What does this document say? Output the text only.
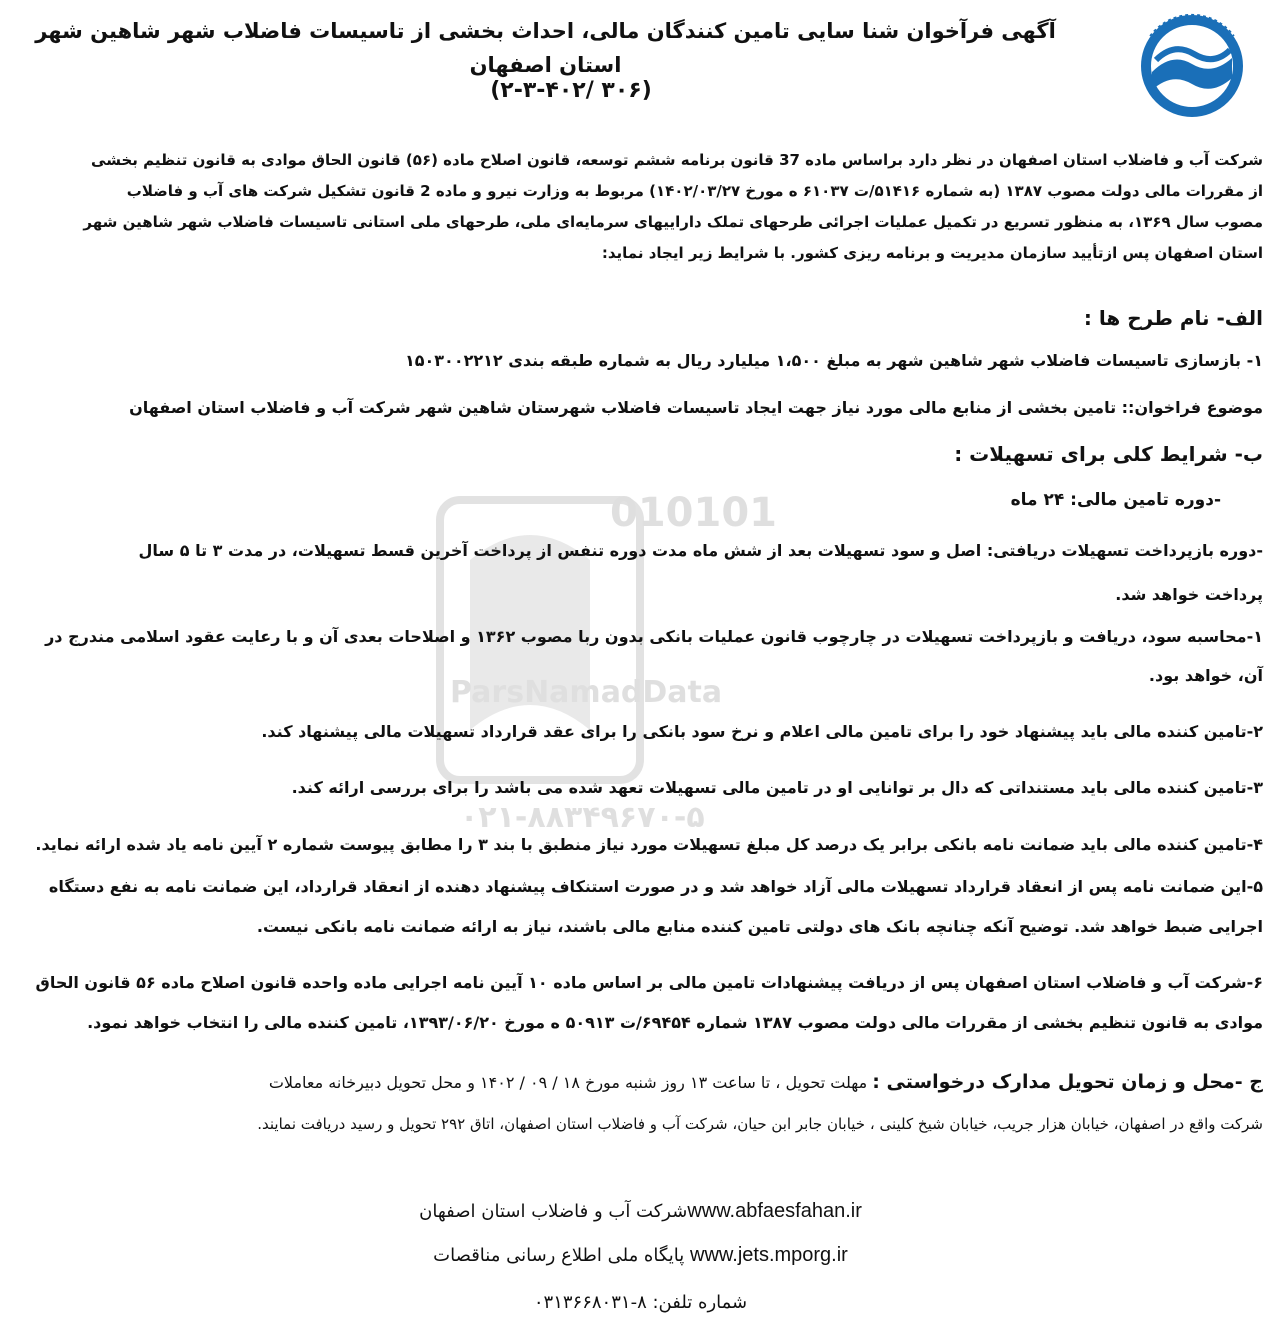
آگهی فرآخوان شنا سایی تامین کنندگان مالی، احداث بخشی از تاسیسات فاضلاب شهر شاهین شهر استان اصفهان
(۳۰۶ /۲-۳-۴۰۲)
010101
ParsNamadData
۰۲۱-۸۸۳۴۹۶۷۰-۵
شرکت آب و فاضلاب استان اصفهان در نظر دارد براساس ماده 37 قانون برنامه ششم توسعه، قانون اصلاح ماده (۵۶) قانون الحاق موادی به قانون تنظیم بخشی
از مقررات مالی دولت مصوب ۱۳۸۷ (به شماره ۵۱۴۱۶/ت ۶۱۰۳۷ ه مورخ ۱۴۰۲/۰۳/۲۷) مربوط به وزارت نیرو و ماده 2 قانون تشکیل شرکت های آب و فاضلاب
مصوب سال ۱۳۶۹، به منظور تسریع در تکمیل عملیات اجرائی طرحهای تملک داراییهای سرمایه‌ای ملی، طرحهای ملی استانی تاسیسات فاضلاب شهر شاهین شهر
استان اصفهان پس ازتأیید سازمان مدیریت و برنامه ریزی کشور. با شرایط زیر ایجاد نماید:
الف- نام طرح ها :
۱- بازسازی تاسیسات فاضلاب شهر شاهین شهر به مبلغ ۱،۵۰۰ میلیارد ریال به شماره طبقه بندی ۱۵۰۳۰۰۲۲۱۲
موضوع فراخوان:: تامین بخشی از منابع مالی مورد نیاز جهت ایجاد تاسیسات فاضلاب شهرستان شاهین شهر شرکت آب و فاضلاب استان اصفهان
ب- شرایط کلی برای تسهیلات :
-دوره تامین مالی: ۲۴ ماه
-دوره بازپرداخت تسهیلات دریافتی: اصل و سود تسهیلات بعد از شش ماه مدت دوره تنفس از پرداخت آخرین قسط تسهیلات، در مدت ۳ تا ۵ سال
پرداخت خواهد شد.
۱-محاسبه سود، دریافت و بازپرداخت تسهیلات در چارچوب قانون عملیات بانکی بدون ربا مصوب ۱۳۶۲ و اصلاحات بعدی آن و با رعایت عقود اسلامی مندرج در
آن، خواهد بود.
۲-تامین کننده مالی باید پیشنهاد خود را برای تامین مالی اعلام و نرخ سود بانکی را برای عقد قرارداد تسهیلات مالی پیشنهاد کند.
۳-تامین کننده مالی باید مستنداتی که دال بر توانایی او در تامین مالی تسهیلات تعهد شده می باشد را برای بررسی ارائه کند.
۴-تامین کننده مالی باید ضمانت نامه بانکی برابر یک درصد کل مبلغ تسهیلات مورد نیاز منطبق با بند ۳ را مطابق پیوست شماره ۲ آیین نامه یاد شده ارائه نماید.
۵-این ضمانت نامه پس از انعقاد قرارداد تسهیلات مالی آزاد خواهد شد و در صورت استنکاف پیشنهاد دهنده از انعقاد قرارداد، این ضمانت نامه به نفع دستگاه
اجرایی ضبط خواهد شد. توضیح آنکه چنانچه بانک های دولتی تامین کننده منابع مالی باشند، نیاز به ارائه ضمانت نامه بانکی نیست.
۶-شرکت آب و فاضلاب استان اصفهان پس از دریافت پیشنهادات تامین مالی بر اساس ماده ۱۰ آیین نامه اجرایی ماده واحده قانون اصلاح ماده ۵۶ قانون الحاق
موادی به قانون تنظیم بخشی از مقررات مالی دولت مصوب ۱۳۸۷ شماره ۶۹۴۵۴/ت ۵۰۹۱۳ ه مورخ ۱۳۹۳/۰۶/۲۰، تامین کننده مالی را انتخاب خواهد نمود.
ج -محل و زمان تحویل مدارک درخواستی : مهلت تحویل ، تا ساعت ۱۳ روز شنبه مورخ ۱۸ / ۰۹ / ۱۴۰۲ و محل تحویل دبیرخانه معاملات
شرکت واقع در اصفهان، خیابان هزار جریب، خیابان شیخ کلینی ، خیابان جابر ابن حیان، شرکت آب و فاضلاب استان اصفهان، اتاق ۲۹۲ تحویل و رسید دریافت نمایند.
www.abfaesfahan.irشرکت آب و فاضلاب استان اصفهان
www.jets.mporg.ir پایگاه ملی اطلاع رسانی مناقصات
شماره تلفن: ۸-۰۳۱۳۶۶۸۰۳۱
